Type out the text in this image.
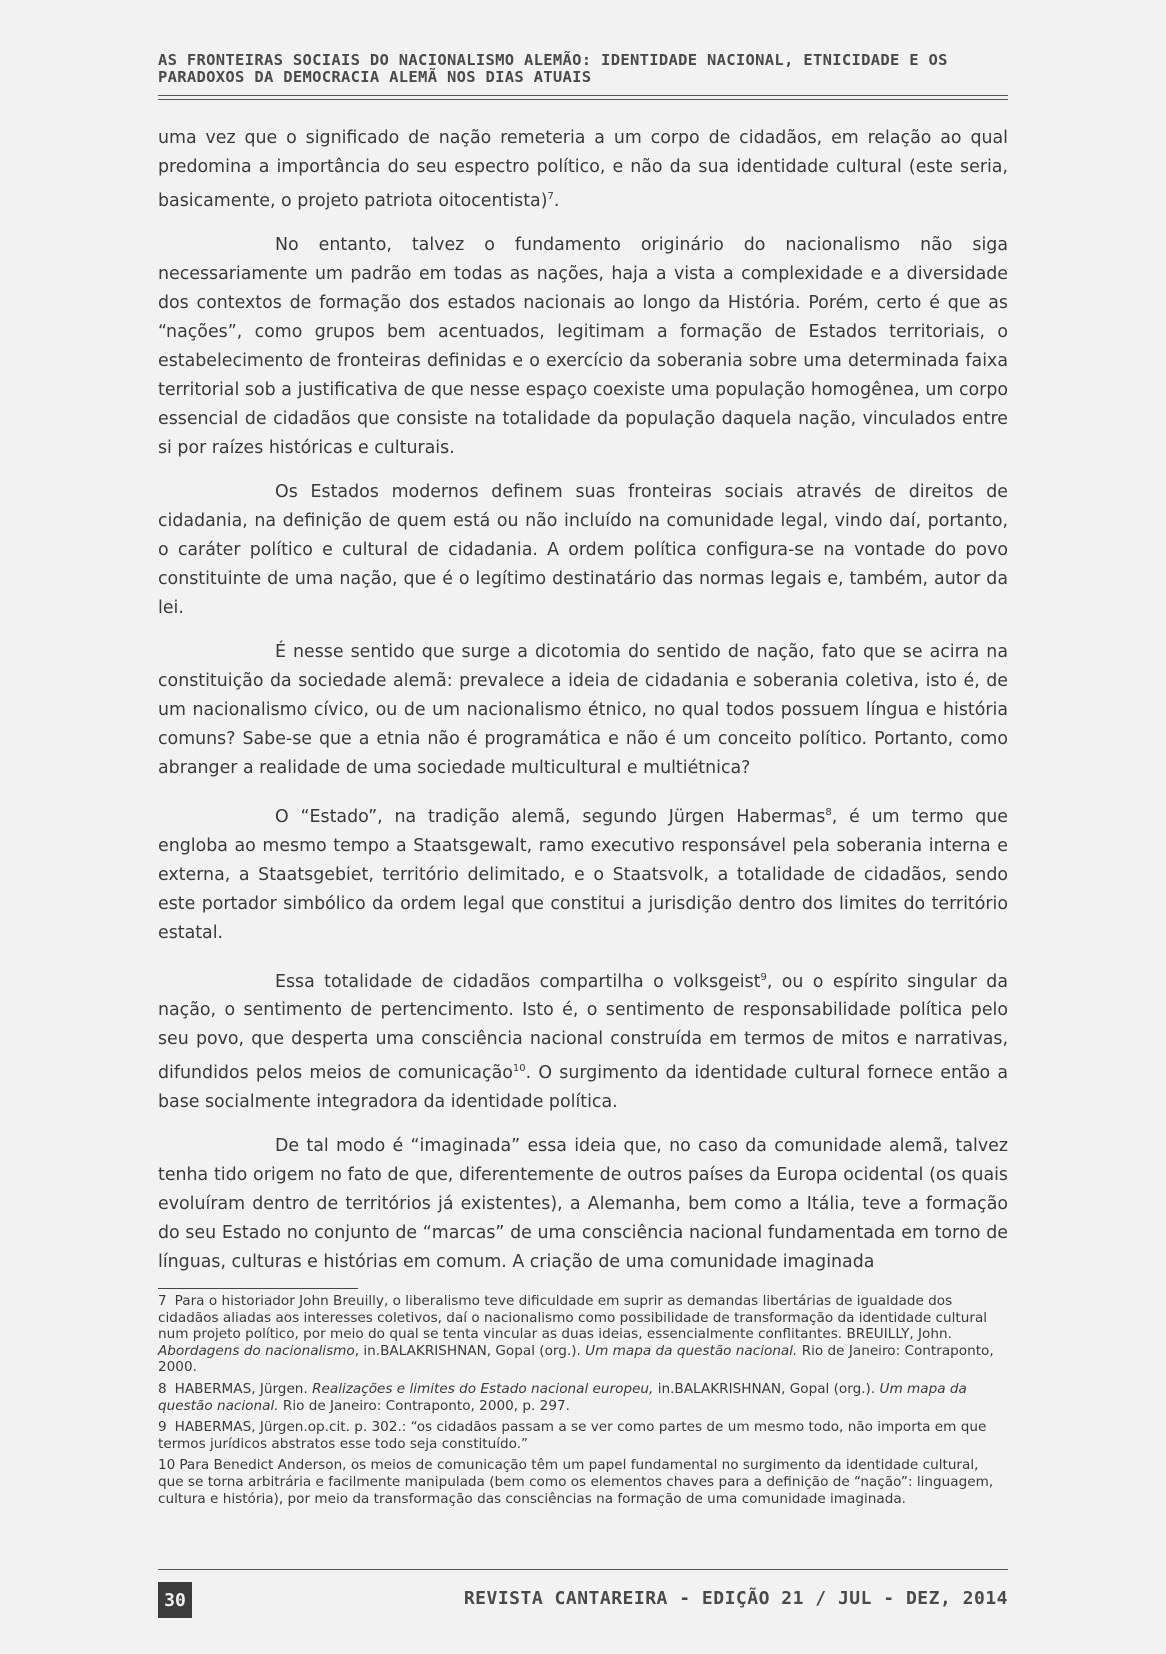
AS FRONTEIRAS SOCIAIS DO NACIONALISMO ALEMÃO: IDENTIDADE NACIONAL, ETNICIDADE E OS
PARADOXOS DA DEMOCRACIA ALEMÃ NOS DIAS ATUAIS

uma vez que o significado de nação remeteria a um corpo de cidadãos, em relação ao qual predomina a importância do seu espectro político, e não da sua identidade cultural (este seria, basicamente, o projeto patriota oitocentista)$^7$.

No entanto, talvez o fundamento originário do nacionalismo não siga necessariamente um padrão em todas as nações, haja a vista a complexidade e a diversidade dos contextos de formação dos estados nacionais ao longo da História. Porém, certo é que as “nações”, como grupos bem acentuados, legitimam a formação de Estados territoriais, o estabelecimento de fronteiras definidas e o exercício da soberania sobre uma determinada faixa territorial sob a justificativa de que nesse espaço coexiste uma população homogênea, um corpo essencial de cidadãos que consiste na totalidade da população daquela nação, vinculados entre si por raízes históricas e culturais.

Os Estados modernos definem suas fronteiras sociais através de direitos de cidadania, na definição de quem está ou não incluído na comunidade legal, vindo daí, portanto, o caráter político e cultural de cidadania. A ordem política configura-se na vontade do povo constituinte de uma nação, que é o legítimo destinatário das normas legais e, também, autor da lei.

É nesse sentido que surge a dicotomia do sentido de nação, fato que se acirra na constituição da sociedade alemã: prevalece a ideia de cidadania e soberania coletiva, isto é, de um nacionalismo cívico, ou de um nacionalismo étnico, no qual todos possuem língua e história comuns? Sabe-se que a etnia não é programática e não é um conceito político. Portanto, como abranger a realidade de uma sociedade multicultural e multiétnica?

O “Estado”, na tradição alemã, segundo Jürgen Habermas$^8$, é um termo que engloba ao mesmo tempo a Staatsgewalt, ramo executivo responsável pela soberania interna e externa, a Staatsgebiet, território delimitado, e o Staatsvolk, a totalidade de cidadãos, sendo este portador simbólico da ordem legal que constitui a jurisdição dentro dos limites do território estatal.

Essa totalidade de cidadãos compartilha o volksgeist$^9$, ou o espírito singular da nação, o sentimento de pertencimento. Isto é, o sentimento de responsabilidade política pelo seu povo, que desperta uma consciência nacional construída em termos de mitos e narrativas, difundidos pelos meios de comunicação$^{10}$. O surgimento da identidade cultural fornece então a base socialmente integradora da identidade política.

De tal modo é “imaginada” essa ideia que, no caso da comunidade alemã, talvez tenha tido origem no fato de que, diferentemente de outros países da Europa ocidental (os quais evoluíram dentro de territórios já existentes), a Alemanha, bem como a Itália, teve a formação do seu Estado no conjunto de “marcas” de uma consciência nacional fundamentada em torno de línguas, culturas e histórias em comum. A criação de uma comunidade imaginada

7 Para o historiador John Breuilly, o liberalismo teve dificuldade em suprir as demandas libertárias de igualdade dos cidadãos aliadas aos interesses coletivos, daí o nacionalismo como possibilidade de transformação da identidade cultural num projeto político, por meio do qual se tenta vincular as duas ideias, essencialmente conflitantes. BREUILLY, John. Abordagens do nacionalismo, in.BALAKRISHNAN, Gopal (org.). Um mapa da questão nacional. Rio de Janeiro: Contraponto, 2000.

8 HABERMAS, Jürgen. Realizações e limites do Estado nacional europeu, in.BALAKRISHNAN, Gopal (org.). Um mapa da questão nacional. Rio de Janeiro: Contraponto, 2000, p. 297.

9 HABERMAS, Jürgen.op.cit. p. 302.: “os cidadãos passam a se ver como partes de um mesmo todo, não importa em que termos jurídicos abstratos esse todo seja constituído.”

10 Para Benedict Anderson, os meios de comunicação têm um papel fundamental no surgimento da identidade cultural, que se torna arbitrária e facilmente manipulada (bem como os elementos chaves para a definição de “nação”: linguagem, cultura e história), por meio da transformação das consciências na formação de uma comunidade imaginada.

30	REVISTA CANTAREIRA - EDIÇÃO 21 / JUL - DEZ, 2014
